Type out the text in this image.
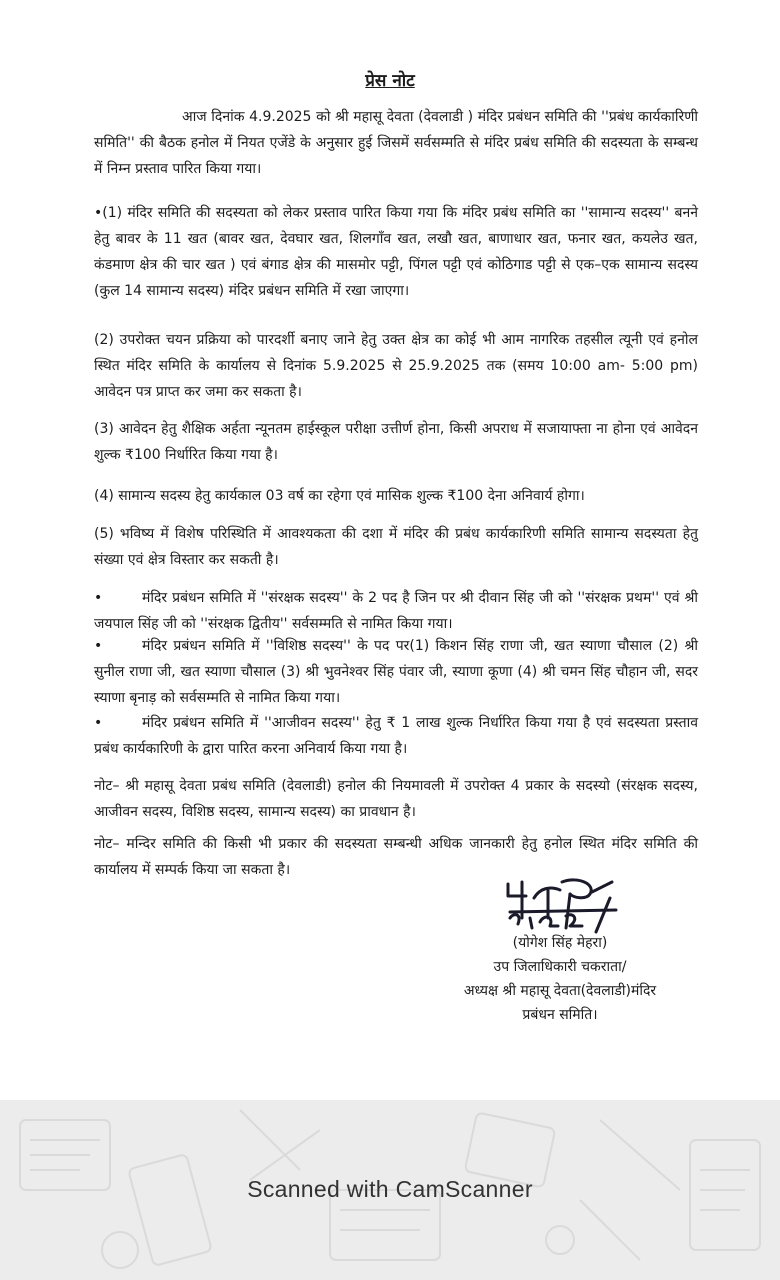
प्रेस नोट
आज दिनांक 4.9.2025 को श्री महासू देवता (देवलाडी ) मंदिर प्रबंधन समिति की ''प्रबंध कार्यकारिणी समिति'' की बैठक हनोल में नियत एजेंडे के अनुसार हुई जिसमें सर्वसम्मति से मंदिर प्रबंध समिति की सदस्यता के सम्बन्ध में निम्न प्रस्ताव पारित किया गया।
•(1) मंदिर समिति की सदस्यता को लेकर प्रस्ताव पारित किया गया कि मंदिर प्रबंध समिति का ''सामान्य सदस्य'' बनने हेतु बावर के 11 खत (बावर खत, देवघार खत, शिलगाँव खत, लखौ खत, बाणाधार खत, फनार खत, कयलेउ खत, कंडमाण क्षेत्र की चार खत ) एवं बंगाड क्षेत्र की मासमोर पट्टी, पिंगल पट्टी एवं कोठिगाड पट्टी से एक–एक सामान्य सदस्य (कुल 14 सामान्य सदस्य) मंदिर प्रबंधन समिति में रखा जाएगा।
(2) उपरोक्त चयन प्रक्रिया को पारदर्शी बनाए जाने हेतु उक्त क्षेत्र का कोई भी आम नागरिक तहसील त्यूनी एवं हनोल स्थित मंदिर समिति के कार्यालय से दिनांक 5.9.2025 से 25.9.2025 तक (समय 10:00 am- 5:00 pm) आवेदन पत्र प्राप्त कर जमा कर सकता है।
(3) आवेदन हेतु शैक्षिक अर्हता न्यूनतम हाईस्कूल परीक्षा उत्तीर्ण होना, किसी अपराध में सजायाफ्ता ना होना एवं आवेदन शुल्क ₹100 निर्धारित किया गया है।
(4) सामान्य सदस्य हेतु कार्यकाल 03 वर्ष का रहेगा एवं मासिक शुल्क ₹100 देना अनिवार्य होगा।
(5) भविष्य में विशेष परिस्थिति में आवश्यकता की दशा में मंदिर की प्रबंध कार्यकारिणी समिति सामान्य सदस्यता हेतु संख्या एवं क्षेत्र विस्तार कर सकती है।
•	मंदिर प्रबंधन समिति में ''संरक्षक सदस्य'' के 2 पद है जिन पर श्री दीवान सिंह जी को ''संरक्षक प्रथम'' एवं श्री जयपाल सिंह जी को ''संरक्षक द्वितीय'' सर्वसम्मति से नामित किया गया।
•	मंदिर प्रबंधन समिति में ''विशिष्ठ सदस्य'' के पद पर(1) किशन सिंह राणा जी, खत स्याणा चौसाल (2) श्री सुनील राणा जी, खत स्याणा चौसाल (3) श्री भुवनेश्वर सिंह पंवार जी, स्याणा कूणा (4) श्री चमन सिंह चौहान जी, सदर स्याणा बृनाड़ को सर्वसम्मति से नामित किया गया।
•	मंदिर प्रबंधन समिति में ''आजीवन सदस्य'' हेतु ₹ 1 लाख शुल्क निर्धारित किया गया है एवं सदस्यता प्रस्ताव प्रबंध कार्यकारिणी के द्वारा पारित करना अनिवार्य किया गया है।
नोट– श्री महासू देवता प्रबंध समिति (देवलाडी) हनोल की नियमावली में उपरोक्त 4 प्रकार के सदस्यो (संरक्षक सदस्य, आजीवन सदस्य, विशिष्ठ सदस्य, सामान्य सदस्य) का प्रावधान है।
नोट– मन्दिर समिति की किसी भी प्रकार की सदस्यता सम्बन्धी अधिक जानकारी हेतु हनोल स्थित मंदिर समिति की कार्यालय में सम्पर्क किया जा सकता है।
(योगेश सिंह मेहरा)
उप जिलाधिकारी चकराता/
अध्यक्ष श्री महासू देवता(देवलाडी)मंदिर
प्रबंधन समिति।
Scanned with CamScanner
